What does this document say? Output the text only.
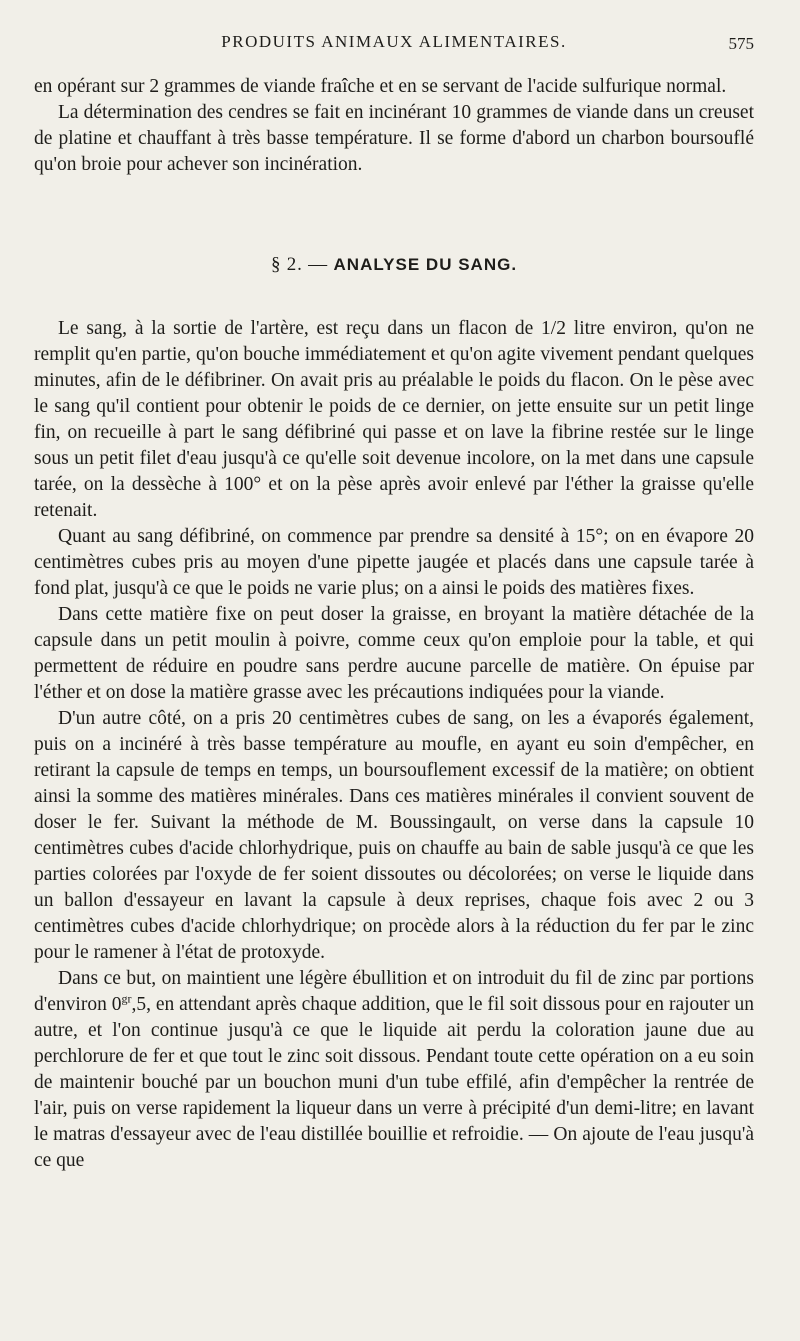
PRODUITS ANIMAUX ALIMENTAIRES.	575

en opérant sur 2 grammes de viande fraîche et en se servant de l'acide sulfurique normal.

La détermination des cendres se fait en incinérant 10 grammes de viande dans un creuset de platine et chauffant à très basse température. Il se forme d'abord un charbon boursouflé qu'on broie pour achever son incinération.

§ 2. — ANALYSE DU SANG.

Le sang, à la sortie de l'artère, est reçu dans un flacon de 1/2 litre environ, qu'on ne remplit qu'en partie, qu'on bouche immédiatement et qu'on agite vivement pendant quelques minutes, afin de le défibriner. On avait pris au préalable le poids du flacon. On le pèse avec le sang qu'il contient pour obtenir le poids de ce dernier, on jette ensuite sur un petit linge fin, on recueille à part le sang défibriné qui passe et on lave la fibrine restée sur le linge sous un petit filet d'eau jusqu'à ce qu'elle soit devenue incolore, on la met dans une capsule tarée, on la dessèche à 100° et on la pèse après avoir enlevé par l'éther la graisse qu'elle retenait.

Quant au sang défibriné, on commence par prendre sa densité à 15°; on en évapore 20 centimètres cubes pris au moyen d'une pipette jaugée et placés dans une capsule tarée à fond plat, jusqu'à ce que le poids ne varie plus; on a ainsi le poids des matières fixes.

Dans cette matière fixe on peut doser la graisse, en broyant la matière détachée de la capsule dans un petit moulin à poivre, comme ceux qu'on emploie pour la table, et qui permettent de réduire en poudre sans perdre aucune parcelle de matière. On épuise par l'éther et on dose la matière grasse avec les précautions indiquées pour la viande.

D'un autre côté, on a pris 20 centimètres cubes de sang, on les a évaporés également, puis on a incinéré à très basse température au moufle, en ayant eu soin d'empêcher, en retirant la capsule de temps en temps, un boursouflement excessif de la matière; on obtient ainsi la somme des matières minérales. Dans ces matières minérales il convient souvent de doser le fer. Suivant la méthode de M. Boussingault, on verse dans la capsule 10 centimètres cubes d'acide chlorhydrique, puis on chauffe au bain de sable jusqu'à ce que les parties colorées par l'oxyde de fer soient dissoutes ou décolorées; on verse le liquide dans un ballon d'essayeur en lavant la capsule à deux reprises, chaque fois avec 2 ou 3 centimètres cubes d'acide chlorhydrique; on procède alors à la réduction du fer par le zinc pour le ramener à l'état de protoxyde.

Dans ce but, on maintient une légère ébullition et on introduit du fil de zinc par portions d'environ $0^{gr},5$, en attendant après chaque addition, que le fil soit dissous pour en rajouter un autre, et l'on continue jusqu'à ce que le liquide ait perdu la coloration jaune due au perchlorure de fer et que tout le zinc soit dissous. Pendant toute cette opération on a eu soin de maintenir bouché par un bouchon muni d'un tube effilé, afin d'empêcher la rentrée de l'air, puis on verse rapidement la liqueur dans un verre à précipité d'un demi-litre; en lavant le matras d'essayeur avec de l'eau distillée bouillie et refroidie. — On ajoute de l'eau jusqu'à ce que
